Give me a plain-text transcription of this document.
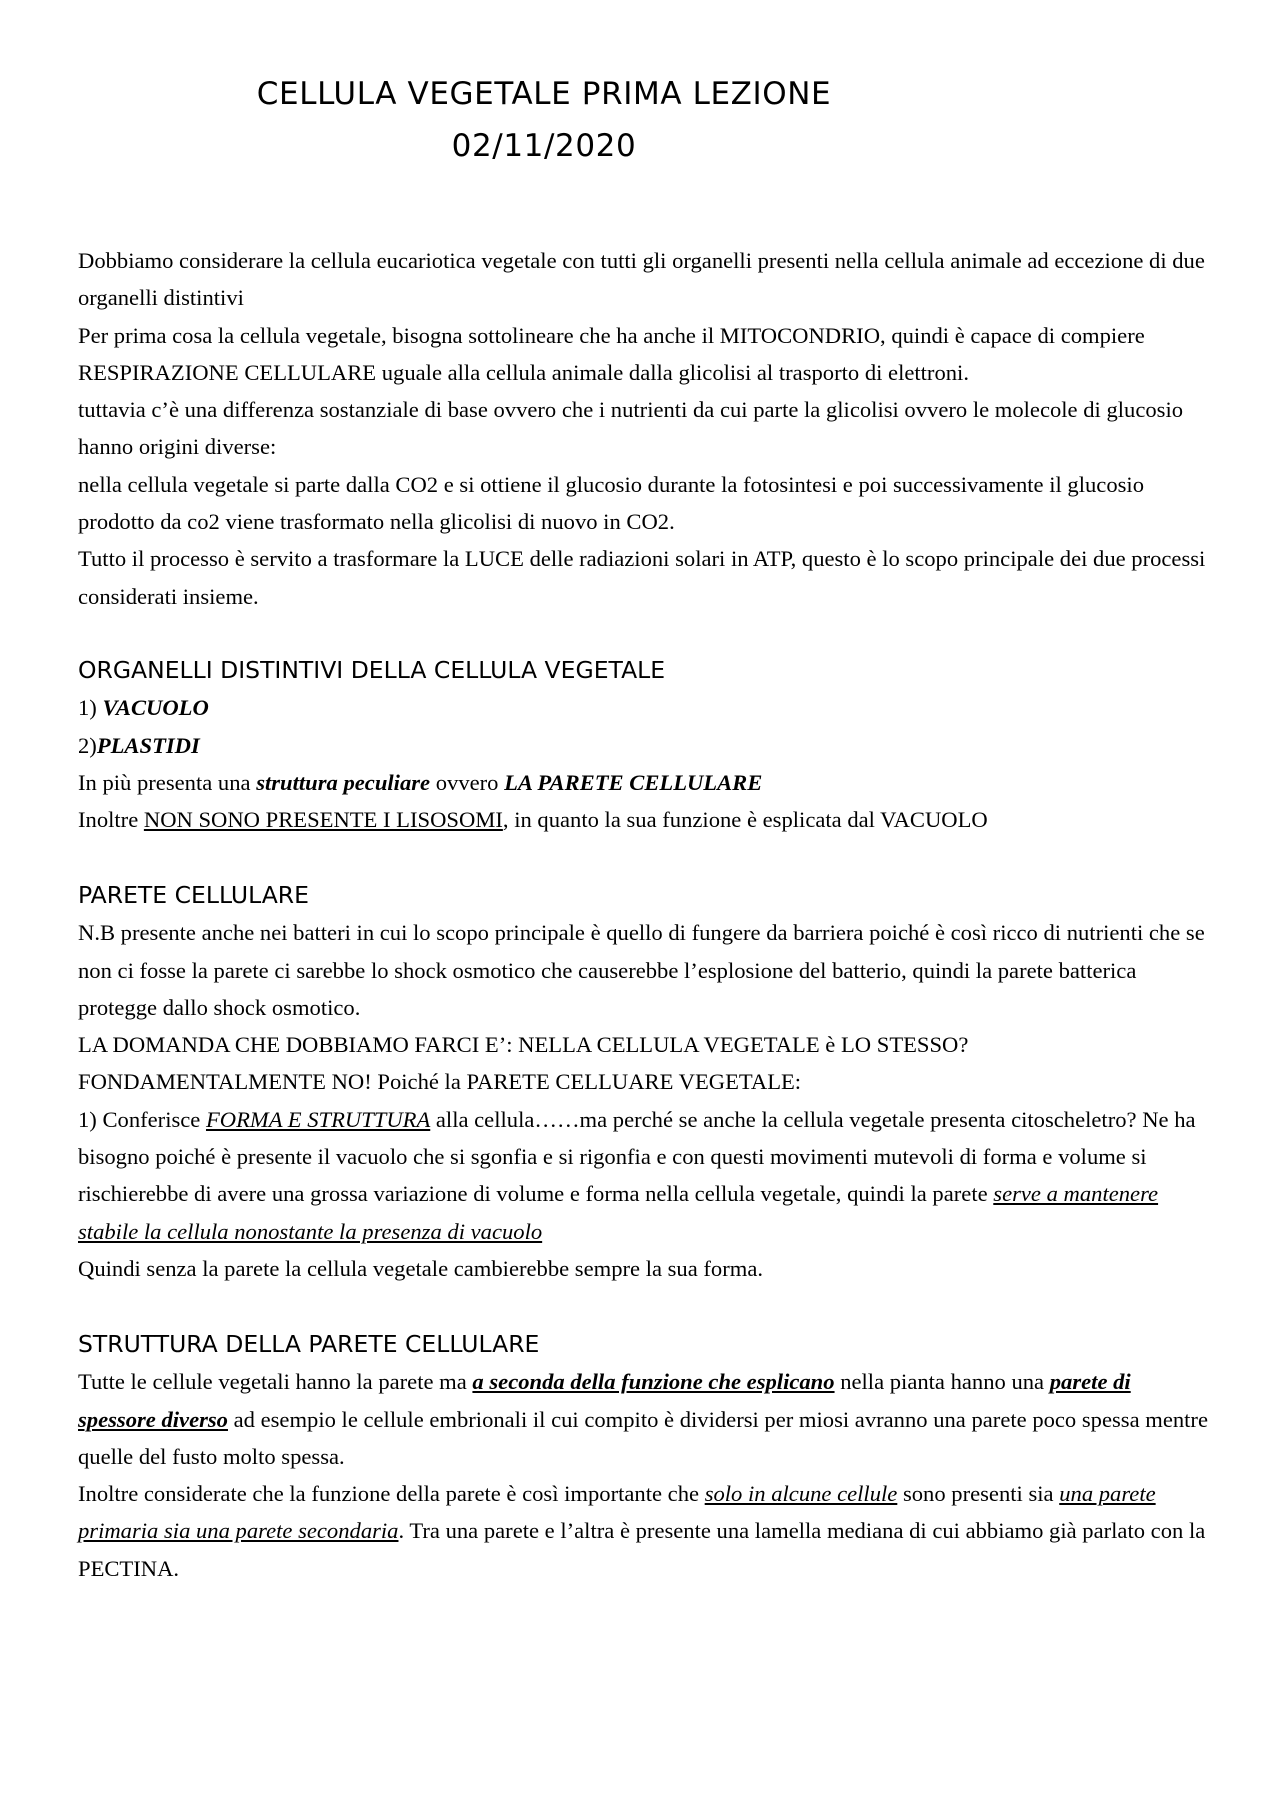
CELLULA VEGETALE PRIMA LEZIONE
02/11/2020

Dobbiamo considerare la cellula eucariotica vegetale con tutti gli organelli presenti nella cellula animale ad eccezione di due organelli distintivi

Per prima cosa la cellula vegetale, bisogna sottolineare che ha anche il MITOCONDRIO, quindi è capace di compiere RESPIRAZIONE CELLULARE uguale alla cellula animale dalla glicolisi al trasporto di elettroni.

tuttavia c’è una differenza sostanziale di base ovvero che i nutrienti da cui parte la glicolisi ovvero le molecole di glucosio hanno origini diverse:

nella cellula vegetale si parte dalla CO2 e si ottiene il glucosio durante la fotosintesi e poi successivamente il glucosio prodotto da co2 viene trasformato nella glicolisi di nuovo in CO2.

Tutto il processo è servito a trasformare la LUCE delle radiazioni solari in ATP, questo è lo scopo principale dei due processi considerati insieme.

ORGANELLI DISTINTIVI DELLA CELLULA VEGETALE

1) VACUOLO

2)PLASTIDI

In più presenta una struttura peculiare ovvero LA PARETE CELLULARE

Inoltre NON SONO PRESENTE I LISOSOMI, in quanto la sua funzione è esplicata dal VACUOLO

PARETE CELLULARE

N.B presente anche nei batteri in cui lo scopo principale è quello di fungere da barriera poiché è così ricco di nutrienti che se non ci fosse la parete ci sarebbe lo shock osmotico che causerebbe l’esplosione del batterio, quindi la parete batterica protegge dallo shock osmotico.

LA DOMANDA CHE DOBBIAMO FARCI E’: NELLA CELLULA VEGETALE è LO STESSO?

FONDAMENTALMENTE NO! Poiché la PARETE CELLUARE VEGETALE:

1) Conferisce FORMA E STRUTTURA alla cellula……ma perché se anche la cellula vegetale presenta citoscheletro? Ne ha bisogno poiché è presente il vacuolo che si sgonfia e si rigonfia e con questi movimenti mutevoli di forma e volume si rischierebbe di avere una grossa variazione di volume e forma nella cellula vegetale, quindi la parete serve a mantenere stabile la cellula nonostante la presenza di vacuolo

Quindi senza la parete la cellula vegetale cambierebbe sempre la sua forma.

STRUTTURA DELLA PARETE CELLULARE

Tutte le cellule vegetali hanno la parete ma a seconda della funzione che esplicano nella pianta hanno una parete di spessore diverso ad esempio le cellule embrionali il cui compito è dividersi per miosi avranno una parete poco spessa mentre quelle del fusto molto spessa.

Inoltre considerate che la funzione della parete è così importante che solo in alcune cellule sono presenti sia una parete primaria sia una parete secondaria. Tra una parete e l’altra è presente una lamella mediana di cui abbiamo già parlato con la PECTINA.
